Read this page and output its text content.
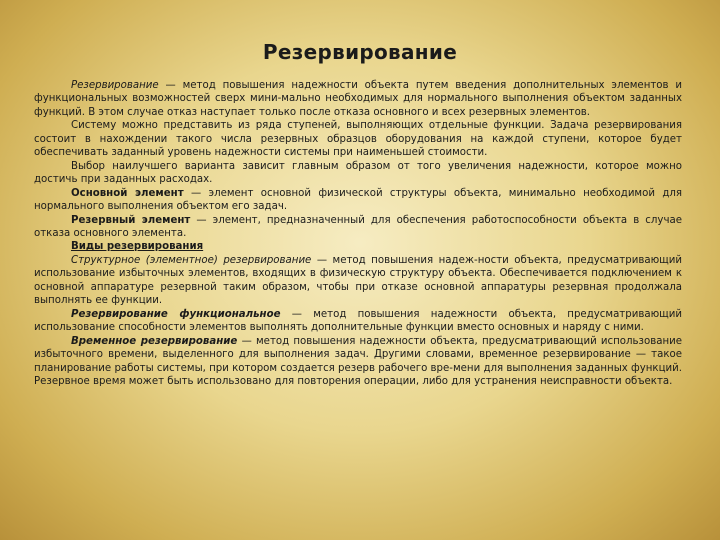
Резервирование

Резервирование — метод повышения надежности объекта путем введения дополнительных элементов и функциональных возможностей сверх мини-мально необходимых для нормального выполнения объектом заданных функций. В этом случае отказ наступает только после отказа основного и всех резервных элементов.

Систему можно представить из ряда ступеней, выполняющих отдельные функции. Задача резервирования состоит в нахождении такого числа резервных образцов оборудования на каждой ступени, которое будет обеспечивать заданный уровень надежности системы при наименьшей стоимости.

Выбор наилучшего варианта зависит главным образом от того увеличения надежности, которое можно достичь при заданных расходах.

Основной элемент — элемент основной физической структуры объекта, минимально необходимой для нормального выполнения объектом его задач.

Резервный элемент — элемент, предназначенный для обеспечения работоспособности объекта в случае отказа основного элемента.

Виды резервирования

Структурное (элементное) резервирование — метод повышения надеж-ности объекта, предусматривающий использование избыточных элементов, входящих в физическую структуру объекта. Обеспечивается подключением к основной аппаратуре резервной таким образом, чтобы при отказе основной аппаратуры резервная продолжала выполнять ее функции.

Резервирование функциональное — метод повышения надежности объекта, предусматривающий использование способности элементов выполнять дополнительные функции вместо основных и наряду с ними.

Временное резервирование — метод повышения надежности объекта, предусматривающий использование избыточного времени, выделенного для выполнения задач. Другими словами, временное резервирование — такое планирование работы системы, при котором создается резерв рабочего вре-мени для выполнения заданных функций. Резервное время может быть использовано для повторения операции, либо для устранения неисправности объекта.
